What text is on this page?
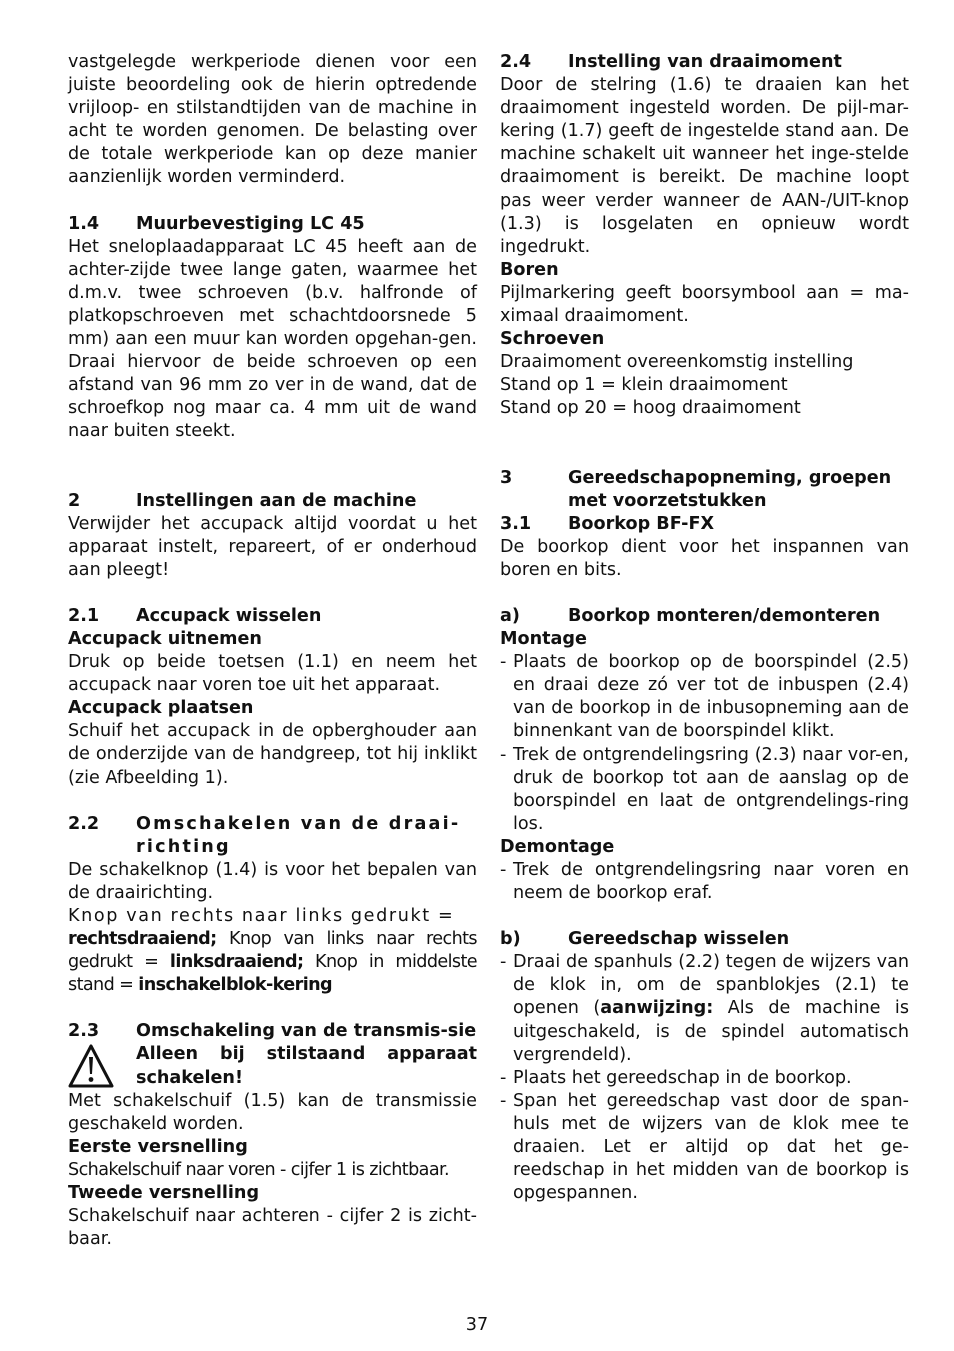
vastgelegde werkperiode dienen voor een juiste beoordeling ook de hierin optredende vrijloop- en stilstandtijden van de machine in acht te worden genomen. De belasting over de totale werkperiode kan op deze manier aanzienlijk worden verminderd.

1.4	Muurbevestiging LC 45

Het sneloplaadapparaat LC 45 heeft aan de achter-zijde twee lange gaten, waarmee het d.m.v. twee schroeven (b.v. halfronde of platkopschroeven met schachtdoorsnede 5 mm) aan een muur kan worden opgehan-gen. Draai hiervoor de beide schroeven op een afstand van 96 mm zo ver in de wand, dat de schroefkop nog maar ca. 4 mm uit de wand naar buiten steekt.

2	Instellingen aan de machine

Verwijder het accupack altijd voordat u het apparaat instelt, repareert, of er onderhoud aan pleegt!

2.1	Accupack wisselen
Accupack uitnemen

Druk op beide toetsen (1.1) en neem het accupack naar voren toe uit het apparaat.

Accupack plaatsen

Schuif het accupack in de opberghouder aan de onderzijde van de handgreep, tot hij inklikt (zie Afbeelding 1).

2.2	Omschakelen van de draai-richting

De schakelknop (1.4) is voor het bepalen van de draairichting.

Knop van rechts naar links gedrukt =
rechtsdraaiend; Knop van links naar rechts gedrukt = linksdraaiend; Knop in middelste stand = inschakelblok-kering

2.3	Omschakeling van de transmis-sie
Alleen bij stilstaand apparaat schakelen!

Met schakelschuif (1.5) kan de transmissie geschakeld worden.

Eerste versnelling

Schakelschuif naar voren - cijfer 1 is zichtbaar.

Tweede versnelling

Schakelschuif naar achteren - cijfer 2 is zicht-baar.

2.4	Instelling van draaimoment

Door de stelring (1.6) te draaien kan het draaimoment ingesteld worden. De pijl-mar-kering (1.7) geeft de ingestelde stand aan. De machine schakelt uit wanneer het inge-stelde draaimoment is bereikt. De machine loopt pas weer verder wanneer de AAN-/UIT-knop (1.3) is losgelaten en opnieuw wordt ingedrukt.

Boren

Pijlmarkering geeft boorsymbool aan = ma-ximaal draaimoment.

Schroeven

Draaimoment overeenkomstig instelling

Stand op 1 = klein draaimoment

Stand op 20 = hoog draaimoment

3	Gereedschapopneming, groepen met voorzetstukken
3.1	Boorkop BF-FX

De boorkop dient voor het inspannen van boren en bits.

a)	Boorkop monteren/demonteren
Montage
- Plaats de boorkop op de boorspindel (2.5) en draai deze zó ver tot de inbuspen (2.4) van de boorkop in de inbusopneming aan de binnenkant van de boorspindel klikt.
- Trek de ontgrendelingsring (2.3) naar vor-en, druk de boorkop tot aan de aanslag op de boorspindel en laat de ontgrendelings-ring los.
Demontage
- Trek de ontgrendelingsring naar voren en neem de boorkop eraf.
b)	Gereedschap wisselen
- Draai de spanhuls (2.2) tegen de wijzers van de klok in, om de spanblokjes (2.1) te openen (aanwijzing: Als de machine is uitgeschakeld, is de spindel automatisch vergrendeld).
- Plaats het gereedschap in de boorkop.
- Span het gereedschap vast door de span-huls met de wijzers van de klok mee te draaien. Let er altijd op dat het ge-reedschap in het midden van de boorkop is opgespannen.
37
